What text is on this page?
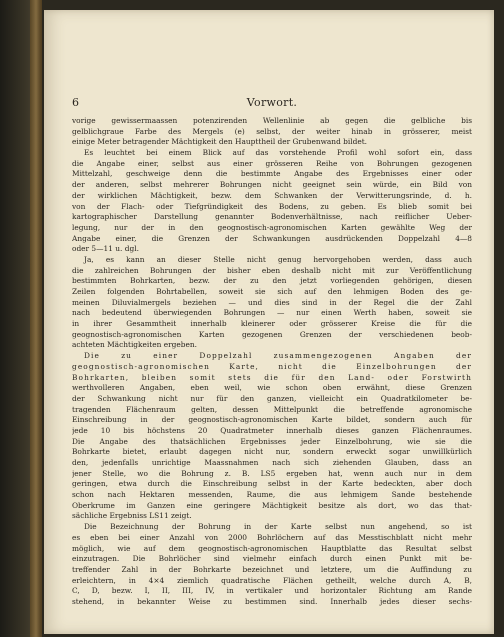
6	Vorwort.
vorige gewissermaassen potenzirenden Wellenlinie ab gegen die gelbliche bis
gelblichgraue Farbe des Mergels (e) selbst, der weiter hinab in grösserer, meist
einige Meter betragender Mächtigkeit den Haupttheil der Grubenwand bildet.
Es leuchtet bei einem Blick auf das vorstehende Profil wohl sofort ein, dass
die Angabe einer, selbst aus einer grösseren Reihe von Bohrungen gezogenen
Mittelzahl, geschweige denn die bestimmte Angabe des Ergebnisses einer oder
der anderen, selbst mehrerer Bohrungen nicht geeignet sein würde, ein Bild von
der wirklichen Mächtigkeit, bezw. dem Schwanken der Verwitterungsrinde, d. h.
von der Flach- oder Tiefgründigkeit des Bodens, zu geben. Es blieb somit bei
kartographischer Darstellung genannter Bodenverhältnisse, nach reiflicher Ueber-
legung, nur der in den geognostisch-agronomischen Karten gewählte Weg der
Angabe einer, die Grenzen der Schwankungen ausdrückenden Doppelzahl 4—8
oder 5—11 u. dgl.
Ja, es kann an dieser Stelle nicht genug hervorgehoben werden, dass auch
die zahlreichen Bohrungen der bisher eben deshalb nicht mit zur Veröffentlichung
bestimmten Bohrkarten, bezw. der zu den jetzt vorliegenden gehörigen, diesen
Zeilen folgenden Bohrtabellen, soweit sie sich auf den lehmigen Boden des ge-
meinen Diluvialmergels beziehen — und dies sind in der Regel die der Zahl
nach bedeutend überwiegenden Bohrungen — nur einen Werth haben, soweit sie
in ihrer Gesammtheit innerhalb kleinerer oder grösserer Kreise die für die
geognostisch-agronomischen Karten gezogenen Grenzen der verschiedenen beob-
achteten Mächtigkeiten ergeben.
Die zu einer Doppelzahl zusammengezogenen Angaben der
geognostisch-agronomischen Karte, nicht die Einzelbohrungen der
Bohrkarten, bleiben somit stets die für den Land- oder Forstwirth
werthvolleren Angaben, eben weil, wie schon oben erwähnt, diese Grenzen
der Schwankung nicht nur für den ganzen, vielleicht ein Quadratkilometer be-
tragenden Flächenraum gelten, dessen Mittelpunkt die betreffende agronomische
Einschreibung in der geognostisch-agronomischen Karte bildet, sondern auch für
jede 10 bis höchstens 20 Quadratmeter innerhalb dieses ganzen Flächenraumes.
Die Angabe des thatsächlichen Ergebnisses jeder Einzelbohrung, wie sie die
Bohrkarte bietet, erlaubt dagegen nicht nur, sondern erweckt sogar unwillkürlich
den, jedenfalls unrichtige Maassnahmen nach sich ziehenden Glauben, dass an
jener Stelle, wo die Bohrung z. B. LS5 ergeben hat, wenn auch nur in dem
geringen, etwa durch die Einschreibung selbst in der Karte bedeckten, aber doch
schon nach Hektaren messenden, Raume, die aus lehmigem Sande bestehende
Oberkrume im Ganzen eine geringere Mächtigkeit besitze als dort, wo das that-
sächliche Ergebniss LS11 zeigt.
Die Bezeichnung der Bohrung in der Karte selbst nun angehend, so ist
es eben bei einer Anzahl von 2000 Bohrlöchern auf das Messtischblatt nicht mehr
möglich, wie auf dem geognostisch-agronomischen Hauptblatte das Resultat selbst
einzutragen. Die Bohrlöcher sind vielmehr einfach durch einen Punkt mit be-
treffender Zahl in der Bohrkarte bezeichnet und letztere, um die Auffindung zu
erleichtern, in 4×4 ziemlich quadratische Flächen getheilt, welche durch A, B,
C, D, bezw. I, II, III, IV, in vertikaler und horizontaler Richtung am Rande
stehend, in bekannter Weise zu bestimmen sind. Innerhalb jedes dieser sechs-
